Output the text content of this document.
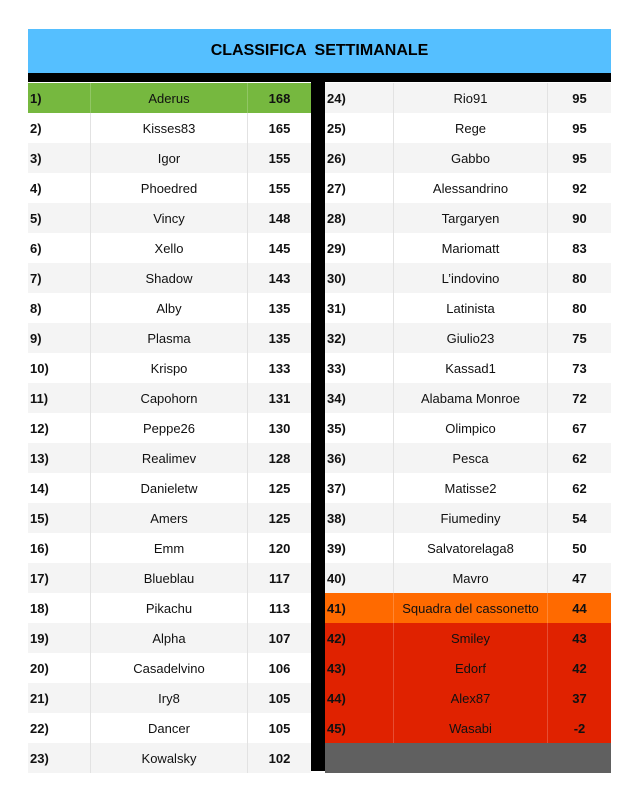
CLASSIFICA SETTIMANALE
1)	Aderus	168
2)	Kisses83	165
3)	Igor	155
4)	Phoedred	155
5)	Vincy	148
6)	Xello	145
7)	Shadow	143
8)	Alby	135
9)	Plasma	135
10)	Krispo	133
11)	Capohorn	131
12)	Peppe26	130
13)	Realimev	128
14)	Danieletw	125
15)	Amers	125
16)	Emm	120
17)	Blueblau	117
18)	Pikachu	113
19)	Alpha	107
20)	Casadelvino	106
21)	Iry8	105
22)	Dancer	105
23)	Kowalsky	102
24)	Rio91	95
25)	Rege	95
26)	Gabbo	95
27)	Alessandrino	92
28)	Targaryen	90
29)	Mariomatt	83
30)	L’indovino	80
31)	Latinista	80
32)	Giulio23	75
33)	Kassad1	73
34)	Alabama Monroe	72
35)	Olimpico	67
36)	Pesca	62
37)	Matisse2	62
38)	Fiumediny	54
39)	Salvatorelaga8	50
40)	Mavro	47
41)	Squadra del cassonetto	44
42)	Smiley	43
43)	Edorf	42
44)	Alex87	37
45)	Wasabi	-2
